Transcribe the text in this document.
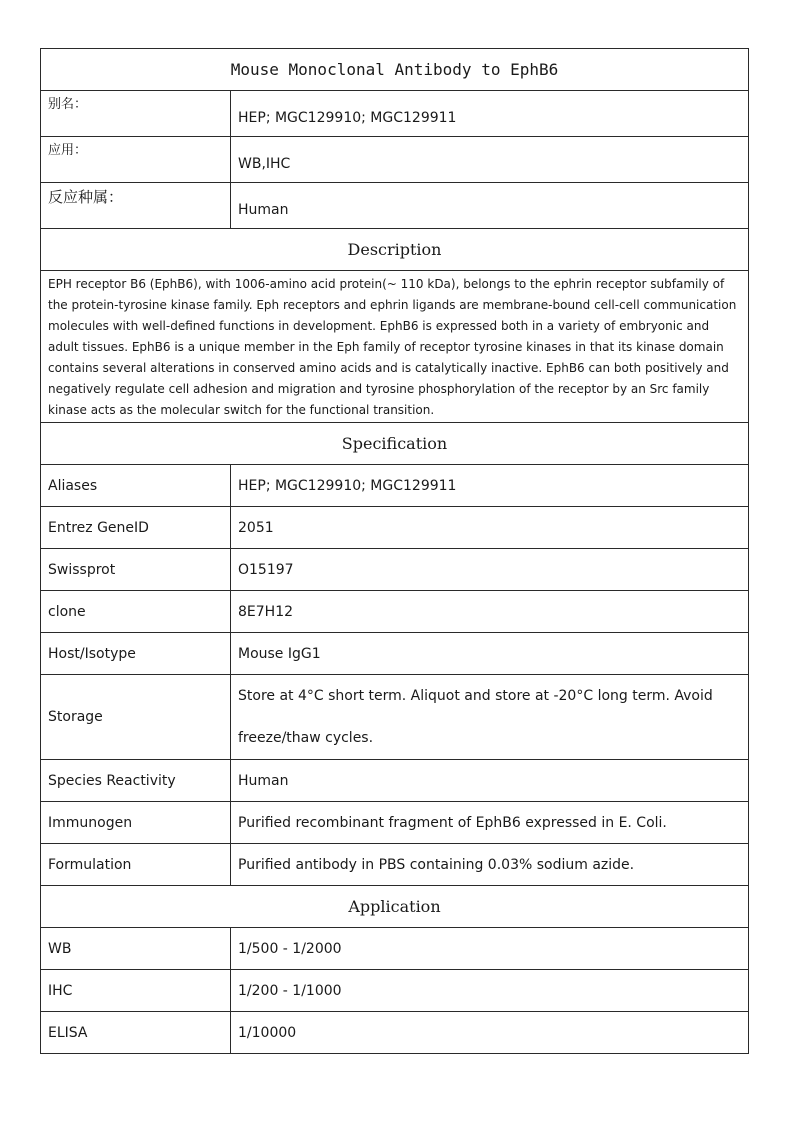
Mouse Monoclonal Antibody to EphB6	
别名：	HEP; MGC129910; MGC129911
应用：	WB,IHC
反应种属：	Human
Description	
EPH receptor B6 (EphB6), with 1006-amino acid protein(~ 110 kDa), belongs to the ephrin receptor subfamily of the protein-tyrosine kinase family. Eph receptors and ephrin ligands are membrane-bound cell-cell communication molecules with well-defined functions in development. EphB6 is expressed both in a variety of embryonic and adult tissues. EphB6 is a unique member in the Eph family of receptor tyrosine kinases in that its kinase domain contains several alterations in conserved amino acids and is catalytically inactive. EphB6 can both positively and negatively regulate cell adhesion and migration and tyrosine phosphorylation of the receptor by an Src family kinase acts as the molecular switch for the functional transition.	
Specification	
Aliases	HEP; MGC129910; MGC129911
Entrez GeneID	2051
Swissprot	O15197
clone	8E7H12
Host/Isotype	Mouse IgG1
Storage	Store at 4°C short term. Aliquot and store at -20°C long term. Avoid freeze/thaw cycles.
Species Reactivity	Human
Immunogen	Purified recombinant fragment of EphB6 expressed in E. Coli.
Formulation	Purified antibody in PBS containing 0.03% sodium azide.
Application	
WB	1/500 - 1/2000
IHC	1/200 - 1/1000
ELISA	1/10000
